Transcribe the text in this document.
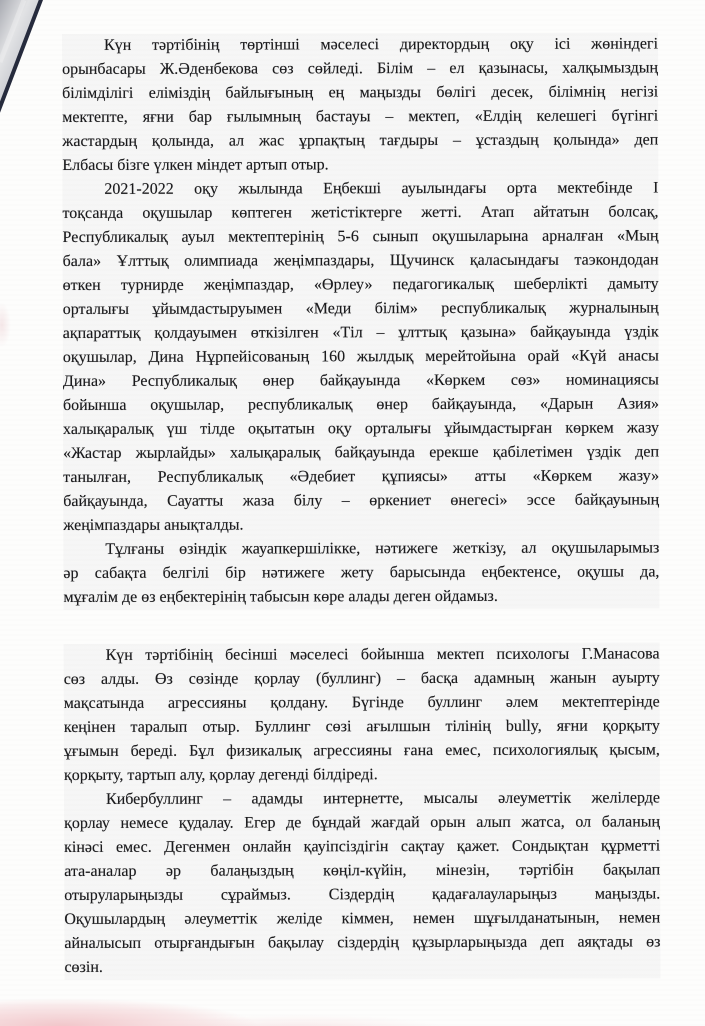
Күн тәртібінің төртінші мәселесі директордың оқу ісі жөніндегі
орынбасары Ж.Әденбекова сөз сөйледі. Білім – ел қазынасы, халқымыздың
білімділігі еліміздің байлығының ең маңызды бөлігі десек, білімнің негізі
мектепте, яғни бар ғылымның бастауы – мектеп, «Елдің келешегі бүгінгі
жастардың қолында, ал жас ұрпақтың тағдыры – ұстаздың қолында» деп
Елбасы бізге үлкен міндет артып отыр.
2021-2022 оқу жылында Еңбекші ауылындағы орта мектебінде I
тоқсанда оқушылар көптеген жетістіктерге жетті. Атап айтатын болсақ,
Республикалық ауыл мектептерінің 5-6 сынып оқушыларына арналған «Мың
бала» Ұлттық олимпиада жеңімпаздары, Щучинск қаласындағы таэкондодан
өткен турнирде жеңімпаздар, «Өрлеу» педагогикалық шеберлікті дамыту
орталығы ұйымдастыруымен «Меди білім» республикалық журналының
ақпараттық қолдауымен өткізілген «Тіл – ұлттық қазына» байқауында үздік
оқушылар, Дина Нұрпейісованың 160 жылдық мерейтойына орай «Күй анасы
Дина» Республикалық өнер байқауында «Көркем сөз» номинациясы
бойынша оқушылар, республикалық өнер байқауында, «Дарын Азия»
халықаралық үш тілде оқытатын оқу орталығы ұйымдастырған көркем жазу
«Жастар жырлайды» халықаралық байқауында ерекше қабілетімен үздік деп
танылған, Республикалық «Әдебиет құпиясы» атты «Көркем жазу»
байқауында, Сауатты жаза білу – өркениет өнегесі» эссе байқауының
жеңімпаздары анықталды.
Тұлғаны өзіндік жауапкершілікке, нәтижеге жеткізу, ал оқушыларымыз
әр сабақта белгілі бір нәтижеге жету барысында еңбектенсе, оқушы да,
мұғалім де өз еңбектерінің табысын көре алады деген ойдамыз.
Күн тәртібінің бесінші мәселесі бойынша мектеп психологы Г.Манасова
сөз алды. Өз сөзінде қорлау (буллинг) – басқа адамның жанын ауырту
мақсатында агрессияны қолдану. Бүгінде буллинг әлем мектептерінде
кеңінен таралып отыр. Буллинг сөзі ағылшын тілінің bully, яғни қорқыту
ұғымын береді. Бұл физикалық агрессияны ғана емес, психологиялық қысым,
қорқыту, тартып алу, қорлау дегенді білдіреді.
Кибербуллинг – адамды интернетте, мысалы әлеуметтік желілерде
қорлау немесе қудалау. Егер де бұндай жағдай орын алып жатса, ол баланың
кінәсі емес. Дегенмен онлайн қауіпсіздігін сақтау қажет. Сондықтан құрметті
ата-аналар әр балаңыздың көңіл-күйін, мінезін, тәртібін бақылап
отыруларыңызды сұраймыз. Сіздердің қадағалауларыңыз маңызды.
Оқушылардың әлеуметтік желіде кіммен, немен шұғылданатынын, немен
айналысып отырғандығын бақылау сіздердің құзырларыңызда деп аяқтады өз
сөзін.
